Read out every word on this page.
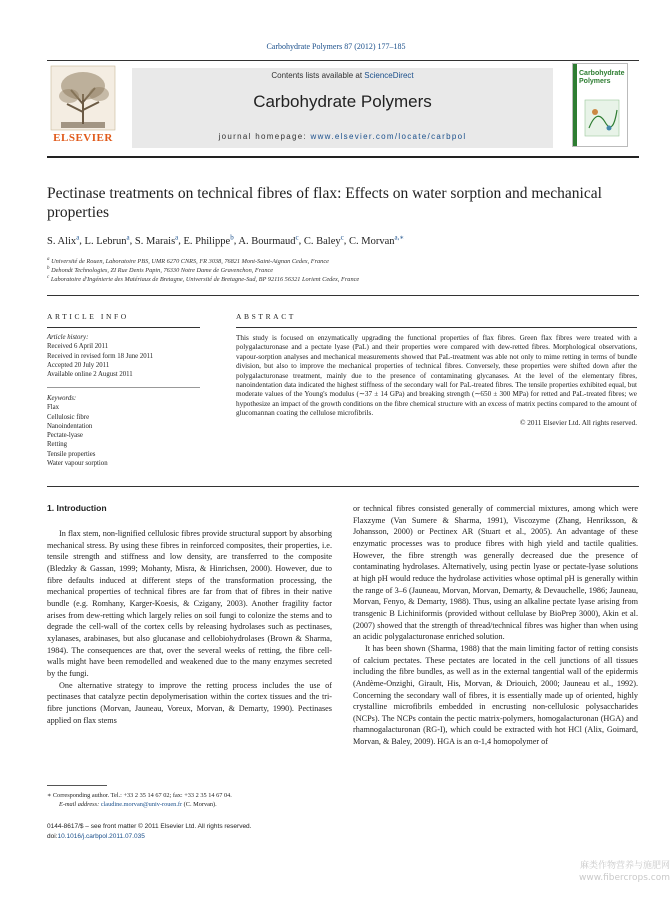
Carbohydrate Polymers 87 (2012) 177–185
ELSEVIER
Contents lists available at ScienceDirect
Carbohydrate Polymers
journal homepage: www.elsevier.com/locate/carbpol
Carbohydrate Polymers
Pectinase treatments on technical fibres of flax: Effects on water sorption and mechanical properties
S. Alix$^a$, L. Lebrun$^a$, S. Marais$^a$, E. Philippe$^b$, A. Bourmaud$^c$, C. Baley$^c$, C. Morvan$^{a,∗}$
$^a$ Université de Rouen, Laboratoire PBS, UMR 6270 CNRS, FR 3038, 76821 Mont-Saint-Aignan Cedex, France
$^b$ Dehondt Technologies, ZI Rue Denis Papin, 76330 Notre Dame de Gravenchon, France
$^c$ Laboratoire d'Ingénierie des Matériaux de Bretagne, Université de Bretagne-Sud, BP 92116 56321 Lorient Cedex, France
ARTICLE INFO
Article history:
Received 6 April 2011
Received in revised form 18 June 2011
Accepted 20 July 2011
Available online 2 August 2011
Keywords:
Flax
Cellulosic fibre
Nanoindentation
Pectate-lyase
Retting
Tensile properties
Water vapour sorption
ABSTRACT
This study is focused on enzymatically upgrading the functional properties of flax fibres. Green flax fibres were treated with a polygalacturonase and a pectate lyase (PaL) and their properties were compared with dew-retted fibres. Morphological observations, vapour-sorption analyses and mechanical measurements showed that PaL-treatment was able not only to mime retting in terms of bundle division, but also to improve the mechanical properties of technical fibres. Conversely, these properties were shifted down after the polygalacturonase treatment, mainly due to the presence of contaminating glycanases. At the level of the elementary fibres, nanoindentation data indicated the highest stiffness of the secondary wall for PaL-treated fibres. The tensile properties exhibited equal, but moderate values of the Young's modulus (∼37 ± 14 GPa) and breaking strength (∼650 ± 300 MPa) for retted and PaL-treated fibres; we hypothesize an impact of the growth conditions on the fibre chemical structure with an excess of matrix pectins compared to the amount of glucomannan coating the cellulose microfibrils.
© 2011 Elsevier Ltd. All rights reserved.
1. Introduction

In flax stem, non-lignified cellulosic fibres provide structural support by absorbing mechanical stress. By using these fibres in reinforced composites, their properties, i.e. tensile strength and stiffness and low density, are transferred to the composite (Bledzky & Gassan, 1999; Mohanty, Misra, & Hinrichsen, 2000). However, due to fibre defaults induced at different steps of the transformation processing, the mechanical properties of technical fibres are far from that of fibres in their native bundle (e.g. Romhany, Karger-Koesis, & Czigany, 2003). Another fragility factor arises from dew-retting which largely relies on soil fungi to colonize the stems and to degrade the cell-wall of the cortex cells by releasing hydrolases such as pectinases, xylanases, arabinases, but also glucanase and cellobiohydrolases (Brown & Sharma, 1984). The consequences are that, over the several weeks of retting, the fibre cell-walls might have been remodelled and weakened due to the many enzymes secreted by the fungi.

One alternative strategy to improve the retting process includes the use of pectinases that catalyze pectin depolymerisation within the cortex tissues and the tri-fibre junctions (Morvan, Jauneau, Voreux, Morvan, & Demarty, 1990). Pectinases applied on flax stems

or technical fibres consisted generally of commercial mixtures, among which were Flaxzyme (Van Sumere & Sharma, 1991), Viscozyme (Zhang, Henriksson, & Johansson, 2000) or Pectinex AR (Stuart et al., 2005). An advantage of these enzymatic processes was to produce fibres with high yield and tactile qualities. However, the fibre strength was generally decreased due the presence of contaminating hydrolases. Alternatively, using pectin lyase or pectate-lyase solutions at high pH would reduce the hydrolase activities whose optimal pH is generally within the range of 3–6 (Jauneau, Morvan, Morvan, Demarty, & Devauchelle, 1986; Jauneau, Morvan, Fenyo, & Demarty, 1988). Thus, using an alkaline pectate lyase arising from transgenic B Lichiniformis (provided without cellulase by BioPrep 3000), Akin et al. (2007) showed that the strength of thread/technical fibres was higher than when using an acidic polygalacturonase enriched solution.

It has been shown (Sharma, 1988) that the main limiting factor of retting consists of calcium pectates. These pectates are located in the cell junctions of all tissues including the fibre bundles, as well as in the external tangential wall of the epidermis (Andème-Onzighi, Girault, His, Morvan, & Driouich, 2000; Jauneau et al., 1992). Concerning the secondary wall of fibres, it is essentially made up of oriented, highly crystalline microfibrils embedded in encrusting non-cellulosic polysaccharides (NCPs). The NCPs contain the pectic matrix-polymers, homogalacturonan (HGA) and rhamnogalacturonan (RG-I), which could be extracted with hot HCl (Alix, Goimard, Morvan, & Baley, 2009). HGA is an α-1,4 homopolymer of

∗ Corresponding author. Tel.: +33 2 35 14 67 02; fax: +33 2 35 14 67 04.
E-mail address: claudine.morvan@univ-rouen.fr (C. Morvan).
0144-8617/$ – see front matter © 2011 Elsevier Ltd. All rights reserved.
doi:10.1016/j.carbpol.2011.07.035
麻类作物营养与施肥网
www.fibercrops.com
